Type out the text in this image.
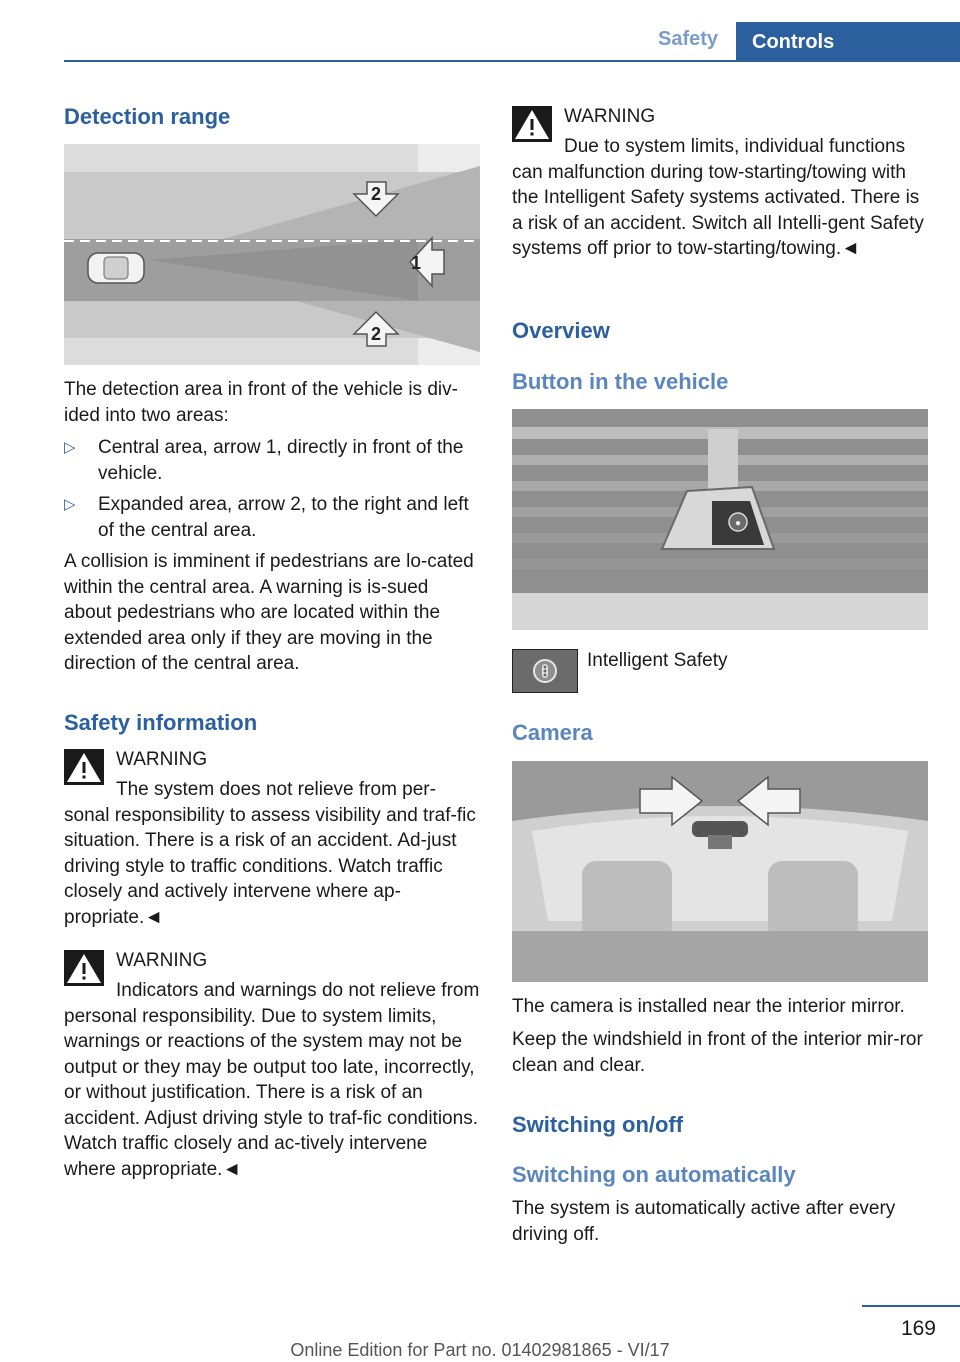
Safety	Controls
Detection range
2
1
2

The detection area in front of the vehicle is div‐ided into two areas:

▷ Central area, arrow 1, directly in front of the vehicle.
▷ Expanded area, arrow 2, to the right and left of the central area.

A collision is imminent if pedestrians are lo‐cated within the central area. A warning is is‐sued about pedestrians who are located within the extended area only if they are moving in the direction of the central area.

Safety information
WARNING
The system does not relieve from per‐sonal responsibility to assess visibility and traf‐fic situation. There is a risk of an accident. Ad‐just driving style to traffic conditions. Watch traffic closely and actively intervene where ap‐propriate.◄
WARNING
Indicators and warnings do not relieve from personal responsibility. Due to system limits, warnings or reactions of the system may not be output or they may be output too late, incorrectly, or without justification. There is a risk of an accident. Adjust driving style to traf‐fic conditions. Watch traffic closely and ac‐tively intervene where appropriate.◄
WARNING
Due to system limits, individual functions can malfunction during tow-starting/towing with the Intelligent Safety systems activated. There is a risk of an accident. Switch all Intelli‐gent Safety systems off prior to tow-starting/towing.◄
Overview
Button in the vehicle
●
Intelligent Safety
Camera

The camera is installed near the interior mirror.

Keep the windshield in front of the interior mir‐ror clean and clear.

Switching on/off
Switching on automatically

The system is automatically active after every driving off.

169
Online Edition for Part no. 01402981865 - VI/17
